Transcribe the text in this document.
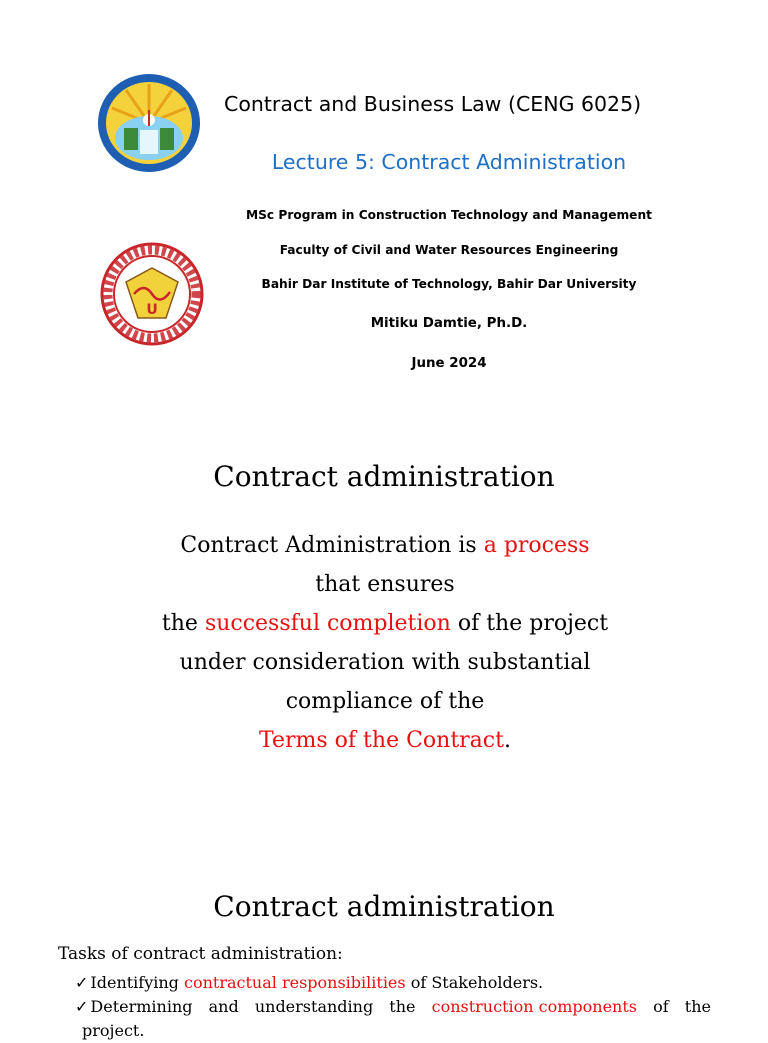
U
Contract and Business Law (CENG 6025)
Lecture 5: Contract Administration
MSc Program in Construction Technology and Management
Faculty of Civil and Water Resources Engineering
Bahir Dar Institute of Technology, Bahir Dar University
Mitiku Damtie, Ph.D.
June 2024
Contract administration
Contract Administration is a process
that ensures
the successful completion of the project
under consideration with substantial
compliance of the
Terms of the Contract.
Contract administration
Tasks of contract administration:
✓ Identifying contractual responsibilities of Stakeholders.
✓ Determining and understanding the construction components of the
project.
